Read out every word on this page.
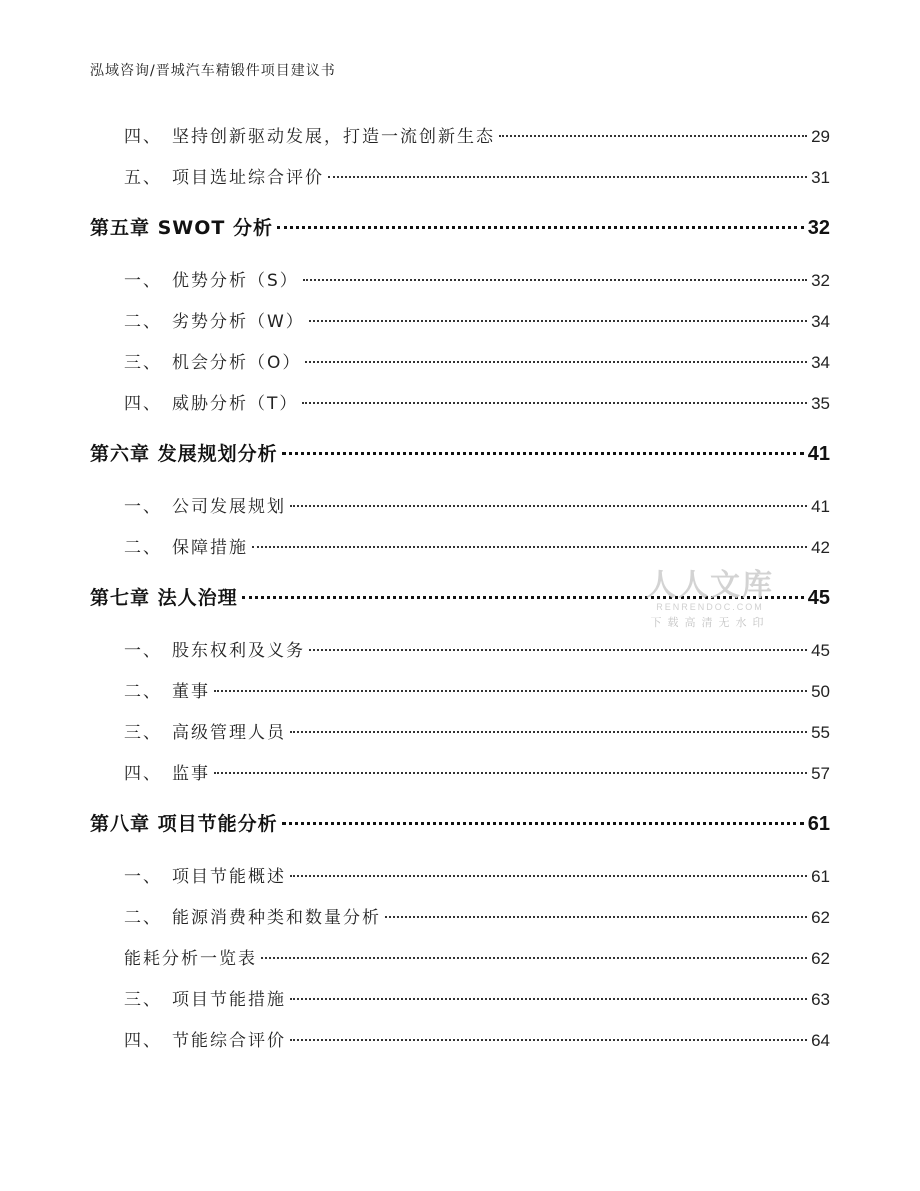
泓域咨询/晋城汽车精锻件项目建议书
四、 坚持创新驱动发展，打造一流创新生态	29
五、 项目选址综合评价	31
第五章 SWOT 分析	32
一、 优势分析（S）	32
二、 劣势分析（W）	34
三、 机会分析（O）	34
四、 威胁分析（T）	35
第六章 发展规划分析	41
一、 公司发展规划	41
二、 保障措施	42
第七章 法人治理	45
一、 股东权利及义务	45
二、 董事	50
三、 高级管理人员	55
四、 监事	57
第八章 项目节能分析	61
一、 项目节能概述	61
二、 能源消费种类和数量分析	62
能耗分析一览表	62
三、 项目节能措施	63
四、 节能综合评价	64
人人文库
RENRENDOC.COM
下载高清无水印
